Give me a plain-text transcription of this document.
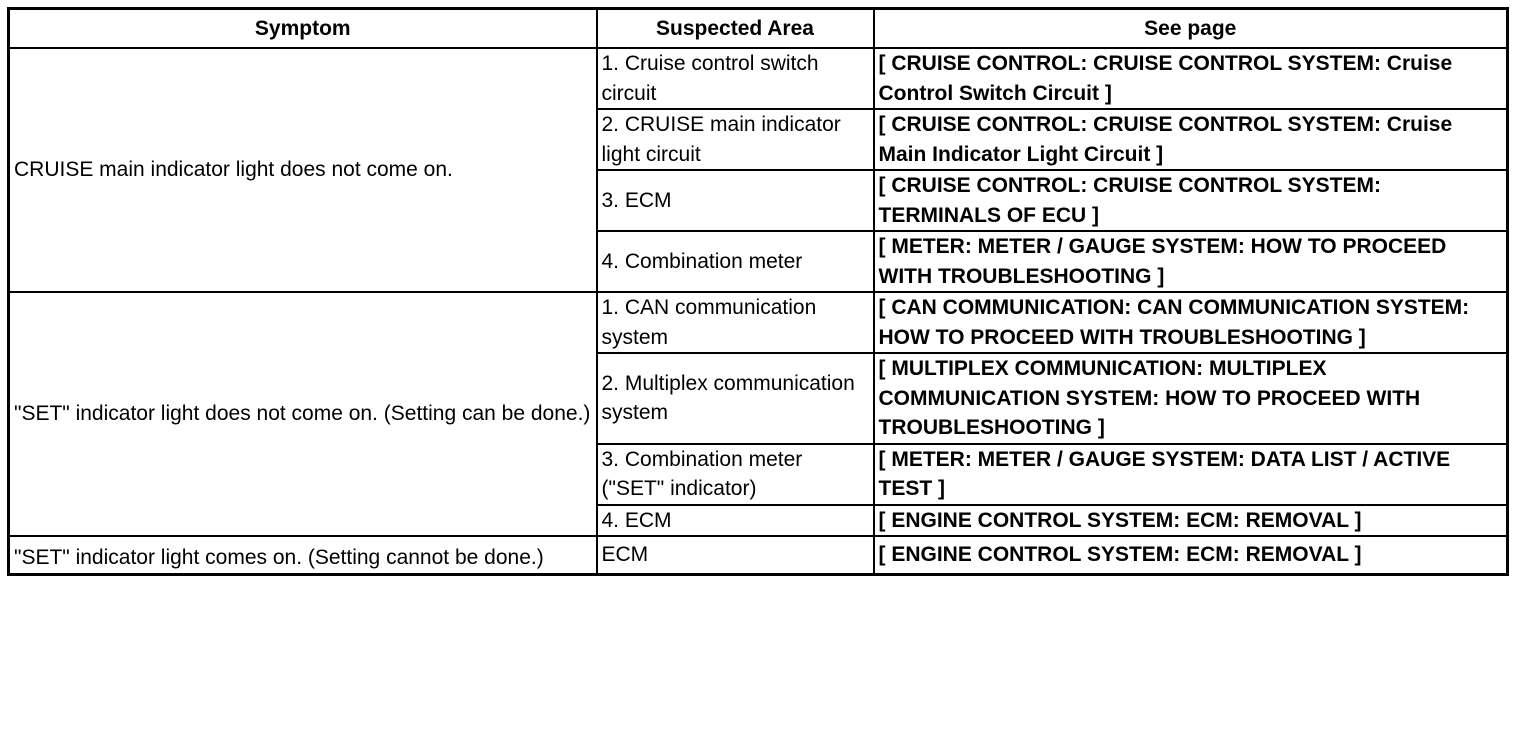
Symptom	Suspected Area	See page
CRUISE main indicator light does not come on.	1. Cruise control switch circuit	[ CRUISE CONTROL: CRUISE CONTROL SYSTEM: Cruise Control Switch Circuit ]
	2. CRUISE main indicator light circuit	[ CRUISE CONTROL: CRUISE CONTROL SYSTEM: Cruise Main Indicator Light Circuit ]
	3. ECM	[ CRUISE CONTROL: CRUISE CONTROL SYSTEM: TERMINALS OF ECU ]
	4. Combination meter	[ METER: METER / GAUGE SYSTEM: HOW TO PROCEED WITH TROUBLESHOOTING ]
"SET" indicator light does not come on. (Setting can be done.)	1. CAN communication system	[ CAN COMMUNICATION: CAN COMMUNICATION SYSTEM: HOW TO PROCEED WITH TROUBLESHOOTING ]
	2. Multiplex communication system	[ MULTIPLEX COMMUNICATION: MULTIPLEX COMMUNICATION SYSTEM: HOW TO PROCEED WITH TROUBLESHOOTING ]
	3. Combination meter ("SET" indicator)	[ METER: METER / GAUGE SYSTEM: DATA LIST / ACTIVE TEST ]
	4. ECM	[ ENGINE CONTROL SYSTEM: ECM: REMOVAL ]
"SET" indicator light comes on. (Setting cannot be done.)	ECM	[ ENGINE CONTROL SYSTEM: ECM: REMOVAL ]
